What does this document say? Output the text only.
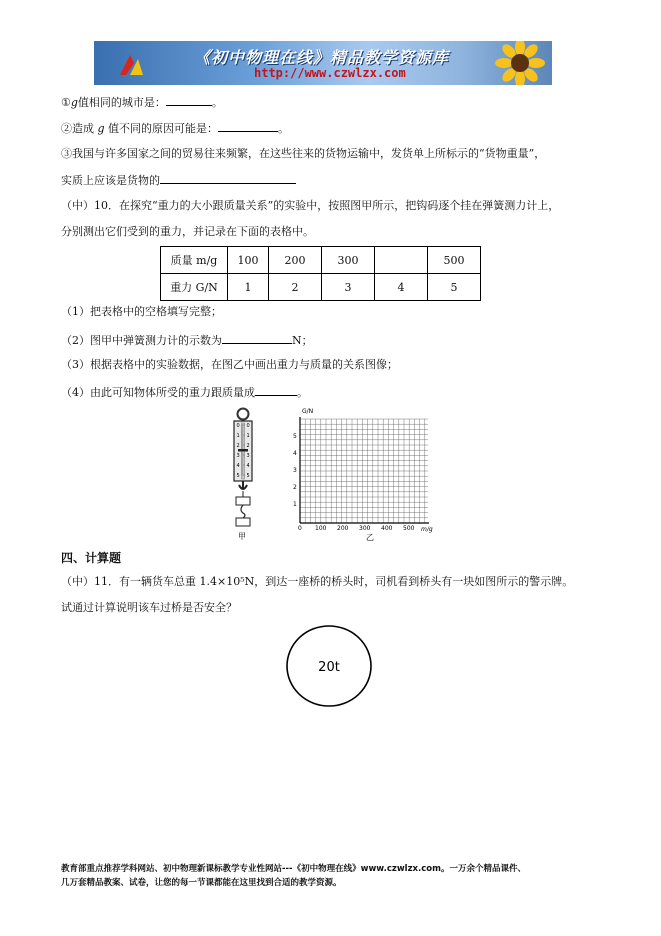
《初中物理在线》精品教学资源库
http://www.czwlzx.com
①g值相同的城市是：	。
②造成 g 值不同的原因可能是：	。
③我国与许多国家之间的贸易往来频繁，在这些往来的货物运输中，发货单上所标示的“货物重量”，
实质上应该是货物的
（中）10．在探究“重力的大小跟质量关系”的实验中，按照图甲所示，把钩码逐个挂在弹簧测力计上，
分别测出它们受到的重力，并记录在下面的表格中。
质量 m/g	100	200	300		500
重力 G/N	1	2	3	4	5
（1）把表格中的空格填写完整；
（2）图甲中弹簧测力计的示数为	N；
（3）根据表格中的实验数据，在图乙中画出重力与质量的关系图像；
（4）由此可知物体所受的重力跟质量成	。
0
1
2
3
4
5
0
1
2
3
4
5
甲
G/N
5
4
3
2
1
0 100 200 300 400 500 m/g
乙
四、计算题
（中）11．有一辆货车总重 1.4×10⁵N，到达一座桥的桥头时，司机看到桥头有一块如图所示的警示牌。
试通过计算说明该车过桥是否安全？
20t
教育部重点推荐学科网站、初中物理新课标教学专业性网站---《初中物理在线》www.czwlzx.com。一万余个精品课件、
几万套精品教案、试卷，让您的每一节课都能在这里找到合适的教学资源。
